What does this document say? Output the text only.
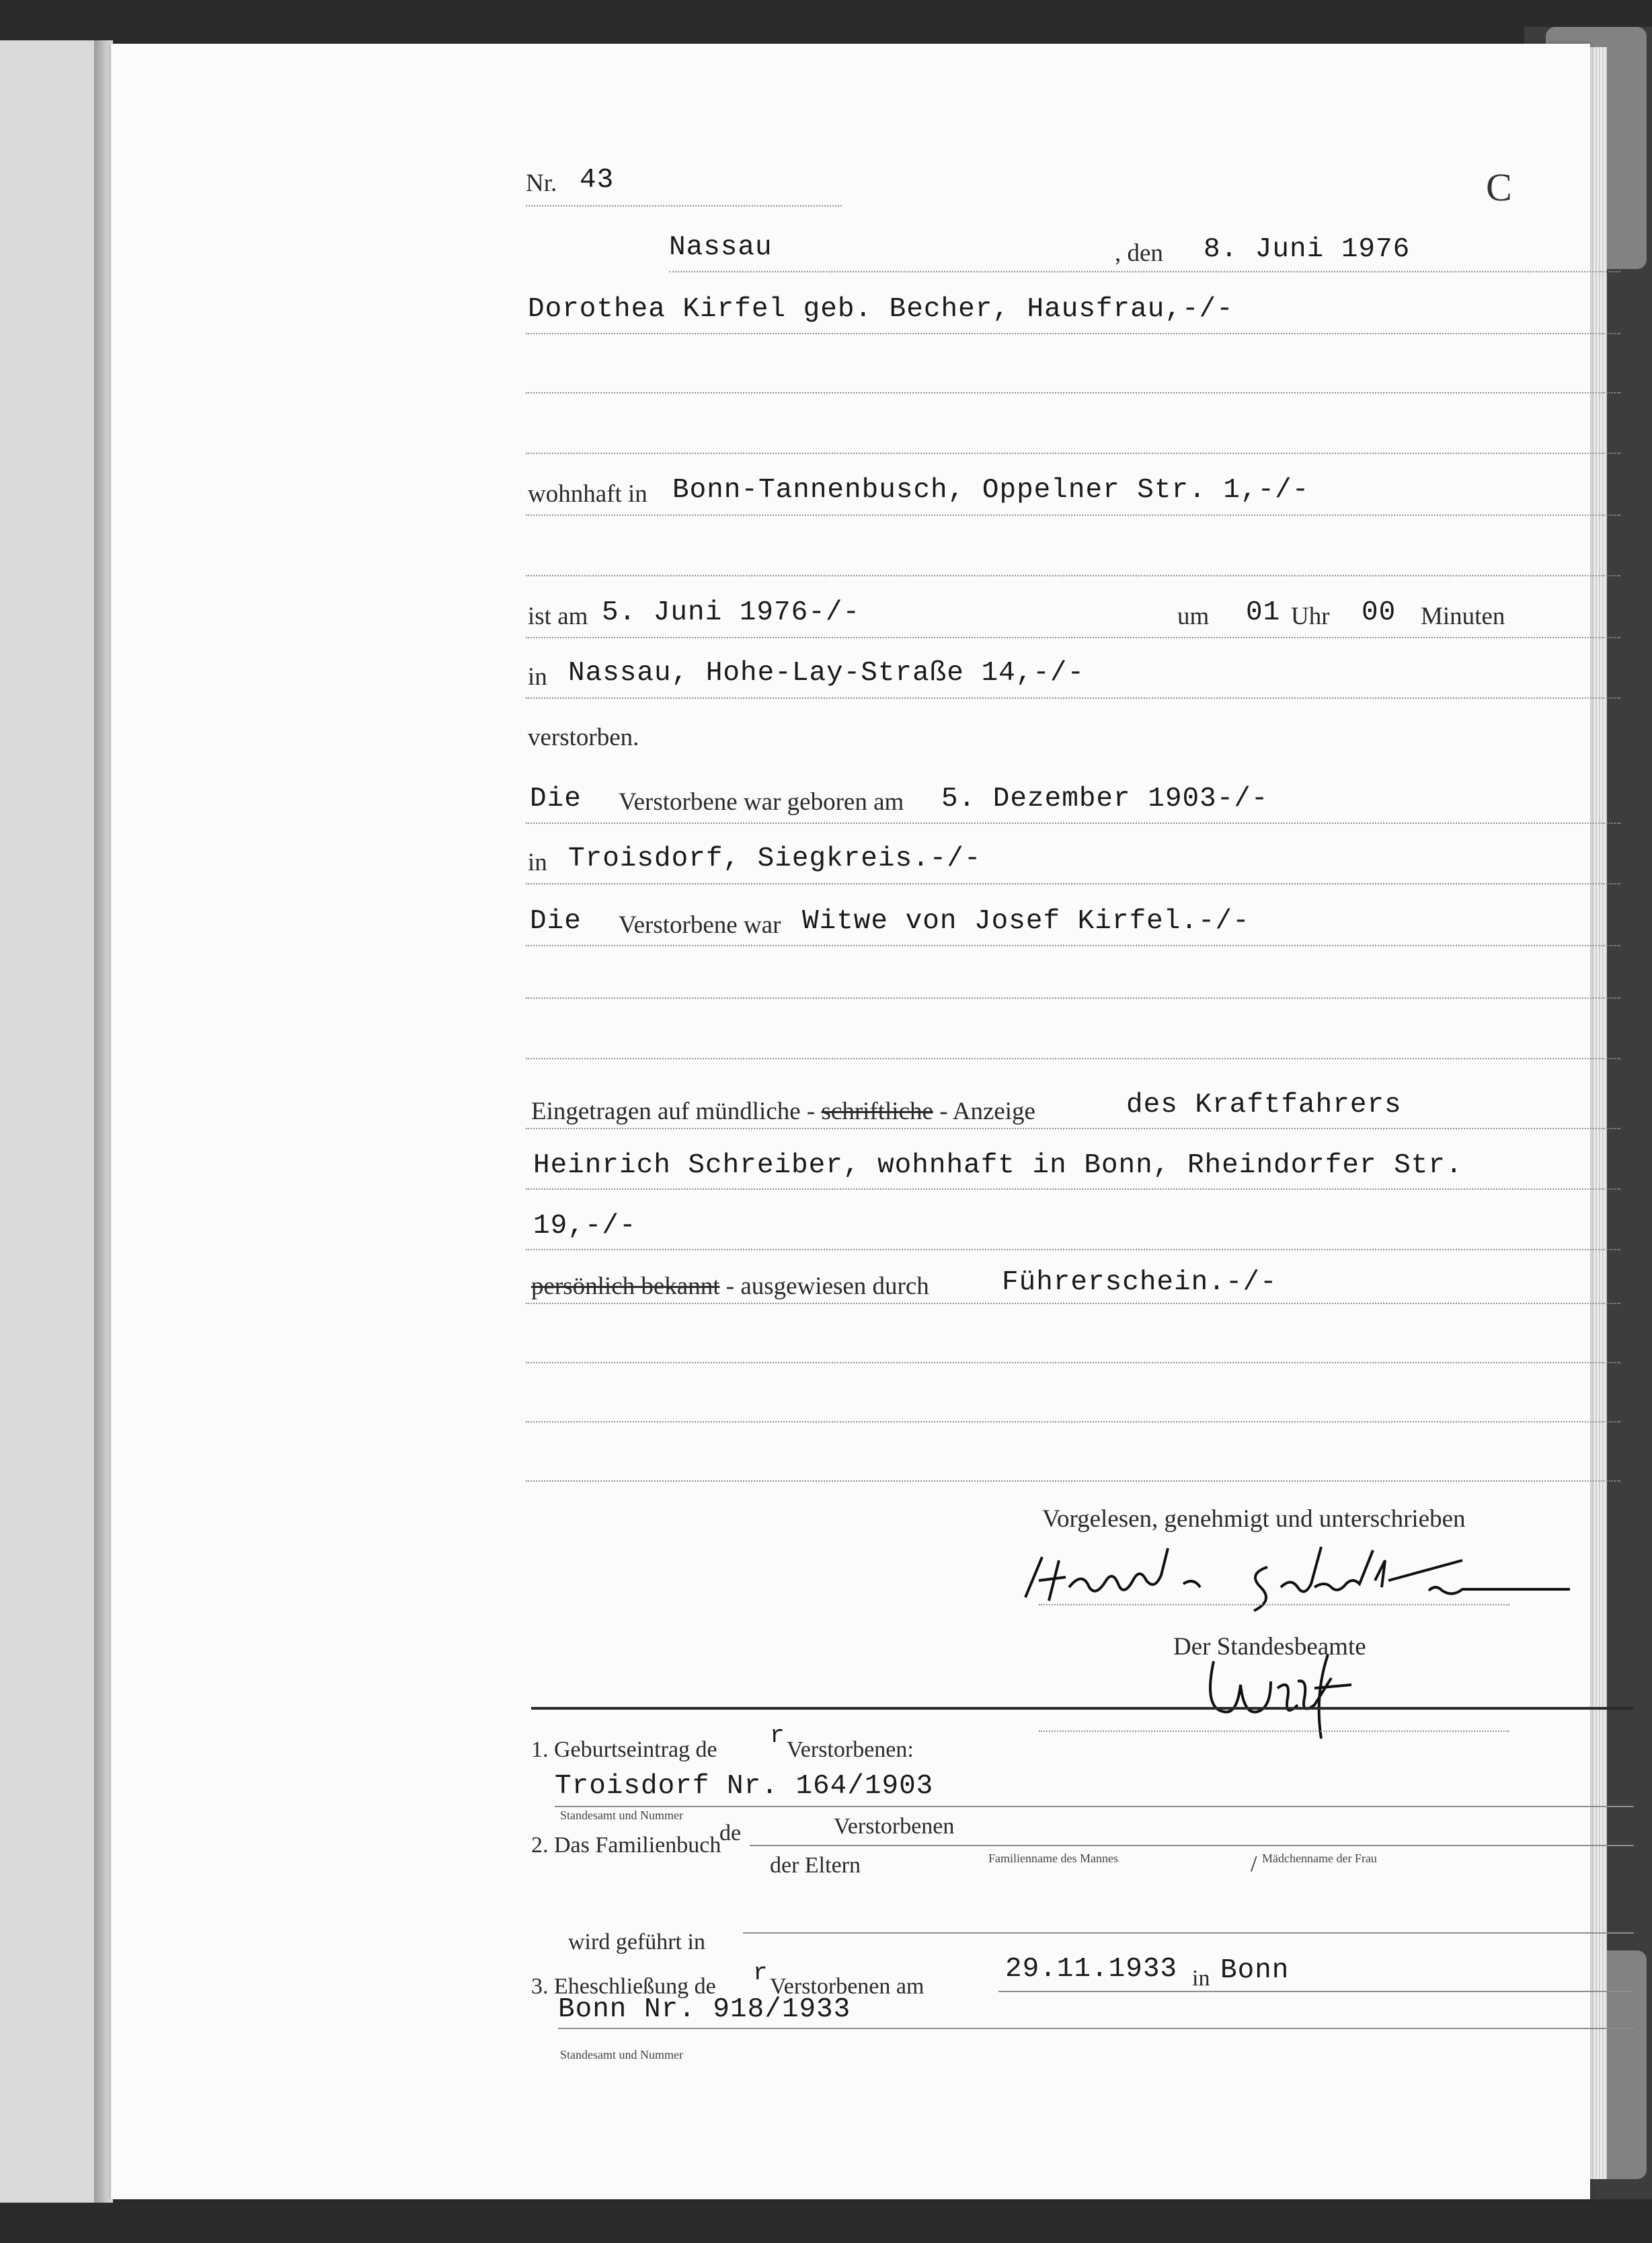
Nr. 43	C
Nassau	, den 8. Juni 1976
Dorothea Kirfel geb. Becher, Hausfrau,-/-
wohnhaft in Bonn-Tannenbusch, Oppelner Str. 1,-/-
ist am 5. Juni 1976-/-	um 01 Uhr 00 Minuten
in Nassau, Hohe-Lay-Straße 14,-/-
verstorben.
Die Verstorbene war geboren am 5. Dezember 1903-/-
in Troisdorf, Siegkreis.-/-
Die Verstorbene war Witwe von Josef Kirfel.-/-
Eingetragen auf mündliche - schriftliche - Anzeige	des Kraftfahrers
Heinrich Schreiber, wohnhaft in Bonn, Rheindorfer Str.
19,-/-
persönlich bekannt - ausgewiesen durch	Führerschein.-/-
Vorgelesen, genehmigt und unterschrieben
Der Standesbeamte
1. Geburtseintrag de
r
Verstorbenen:
Troisdorf Nr. 164/1903
Standesamt und Nummer
2. Das Familienbuch
de	Verstorbenen
/
der Eltern	Familienname des Mannes	Mädchenname der Frau
wird geführt in
3. Eheschließung de r Verstorbenen am
29.11.1933 in Bonn
Bonn Nr. 918/1933
Standesamt und Nummer
